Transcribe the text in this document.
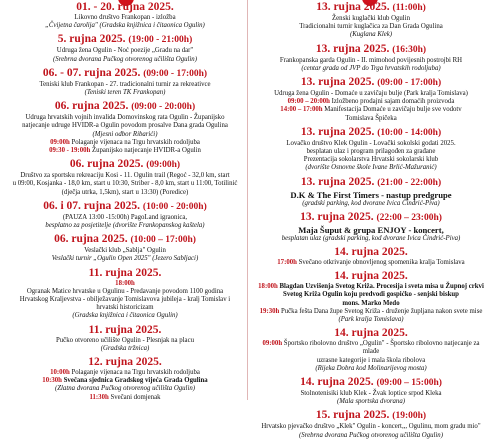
01. - 20. rujna 2025.
Likovno društvo Frankopan - izložba
„Čvijetna čarolija" (Gradska knjižnica i čitaonica Ogulin)
5. rujna 2025. (19:00 - 21:00h)
Udruga žena Ogulin - Noć poezije „Gradu na dar"
(Srebrna dvorana Pučkog otvorenog učilišta Ogulin)
06. - 07. rujna 2025. (09:00 - 17:00h)
Teniski klub Frankopan - 27. tradicionalni turnir za rekreativce
(Teniski teren TK Frankopan)
06. rujna 2025. (09:00 - 20:00h)
Udruga hrvatskih vojnih invalida Domovinskog rata Ogulin - Županijsko
natjecanje udruge HVIDR-a Ogulin povodom prosalve Dana grada Ogulina
(Mjesni odbor Ribarići)
09:00h Polaganje vijenaca na Trgu hrvatskih rodoljuba
09:30 - 19:00h Županijsko natjecanje HVIDR-a Ogulin
06. rujna 2025. (09:00h)
Društvo za sportsku rekreaciju Kosi - 11. Ogulin trail (Regoć - 32,0 km, start
u 09:00, Kosjanka - 18,0 km, start u 10:30, Striber - 8,0 km, start u 11:00, Totilinić
(dječja utrka, 1,5km), start u 13:30) (Poredice)
06. i 07. rujna 2025. (10:00 - 20:00h)
(PAUZA 13:00 -15:00h) PagoLand igraonica,
besplatno za posjetitelje (dvorište Frankopanskog kaštela)
06. rujna 2025. (10:00 – 17:00h)
Veslački klub „Sablja" Ogulin
Veslački turnir „Ogulin Open 2025" (Jezero Sabljaci)
11. rujna 2025.
18:00h
Ogranak Matice hrvatske u Ogulinu - Predavanje povodom 1100 godina
Hrvatskog Kraljevstva - obilježavanje Tomislavova jubileja - kralj Tomislav i
hrvatski historicizam
(Gradska knjižnica i čitaonica Ogulin)
11. rujna 2025.
Pučko otvoreno učilište Ogulin - Plesnjak na placu
(Gradska tržnica)
12. rujna 2025.
10:00h Polaganje vijenaca na Trgu hrvatskih rodoljuba
10:30h Svečana sjednica Gradskog vijeća Grada Ogulina
(Zlatna dvorana Pučkog otvorenog učilišta Ogulin)
11:30h Svečani domjenak
13. rujna 2025. (11:00h)
Ženski kuglački klub Ogulin
Tradicionalni turnir kuglačica za Dan Grada Ogulina
(Kuglana Klek)
13. rujna 2025. (16:30h)
Frankopanska garda Ogulin - II. mimohod povijesnih postrojbi RH
(centar grada od JVP do Trga hrvatskih rodoljuba)
13. rujna 2025. (09:00 - 17:00h)
Udruga žena Ogulin - Domaće u zavičaju bulje (Park kralja Tomislava)
09:00 – 20:00h Izložbeno prodajni sajam domaćih proizvoda
14:00 – 17:00h Manifestacija Domaće u zavičaju bulje sve vodotv
Tomislava Špičeka
13. rujna 2025. (10:00 - 14:00h)
Lovačko društvo Klek Ogulin - Lovački sokolski godati 2025.
besplatan ulaz i program prilagođen za građane
Prezentacija sokolarstva Hrvatski sokolarski klub
(dvorište Osnovne škole Ivane Brlić-Mažuranić)
13. rujna 2025. (21:00 - 22:00h)
D.K & The First Timers - nastup predgrupe
(gradski parking, kod dvorane Ivica Čindrić-Piva)
13. rujna 2025. (22:00 – 23:00h)
Maja Šuput & grupa ENJOY - koncert,
besplatan ulaz (gradski parking, kod dvorane Ivica Čindrić-Piva)
14. rujna 2025.
17:00h Svečano otkrivanje obnovljenog spomenika kralja Tomislava
14. rujna 2025.
18:00h Blagdan Uzvišenja Svetog Križa. Procesija i sveta misa u Župnoj crkvi
Svetog Križa Ogulin koju predvodi gospićko - senjski biskup
mons. Marko Medo
19:30h Pučka fešta Dana župe Svetog Križa - druženje župljana nakon svete mise
(Park kralja Tomislava)
14. rujna 2025.
09:00h Športsko ribolovno društvo „Ogulin" - Športsko ribolovno natjecanje za mlađe
uzrasne kategorije i mala škola ribolova
(Rijeka Dobra kod Molinarijevog mosta)
14. rujna 2025. (09:00 – 15:00h)
Stolnotenisiki klub Klek - Žvak loptice srpod Kleka
(Mala sportska dvorana)
15. rujna 2025. (19:00h)
Hrvatsko pjevačko društvo „Klek" Ogulin - koncert,,, Ogulinu, mom gradu mio"
(Srebrna dvorana Pučkog otvorenog učilišta Ogulin)
